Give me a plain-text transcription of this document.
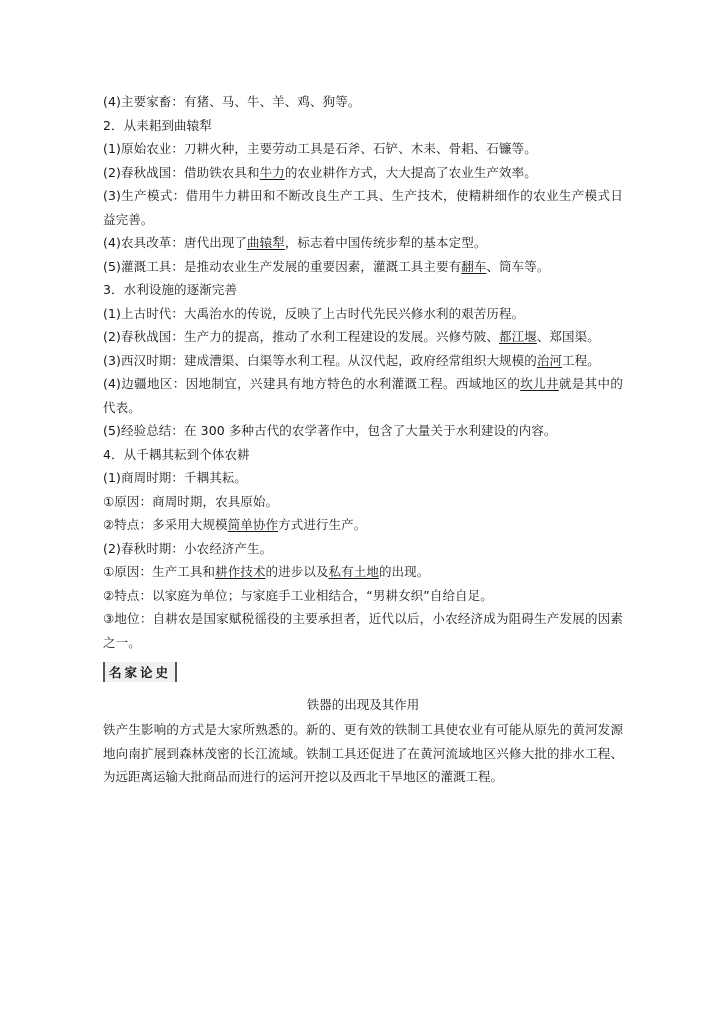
(4)主要家畜：有猪、马、牛、羊、鸡、狗等。
2．从耒耜到曲辕犁
(1)原始农业：刀耕火种，主要劳动工具是石斧、石铲、木耒、骨耜、石镰等。
(2)春秋战国：借助铁农具和牛力的农业耕作方式，大大提高了农业生产效率。
(3)生产模式：借用牛力耕田和不断改良生产工具、生产技术，使精耕细作的农业生产模式日益完善。
(4)农具改革：唐代出现了曲辕犁，标志着中国传统步犁的基本定型。
(5)灌溉工具：是推动农业生产发展的重要因素，灌溉工具主要有翻车、筒车等。
3．水利设施的逐渐完善
(1)上古时代：大禹治水的传说，反映了上古时代先民兴修水利的艰苦历程。
(2)春秋战国：生产力的提高，推动了水利工程建设的发展。兴修芍陂、都江堰、郑国渠。
(3)西汉时期：建成漕渠、白渠等水利工程。从汉代起，政府经常组织大规模的治河工程。
(4)边疆地区：因地制宜，兴建具有地方特色的水利灌溉工程。西域地区的坎儿井就是其中的代表。
(5)经验总结：在 300 多种古代的农学著作中，包含了大量关于水利建设的内容。
4．从千耦其耘到个体农耕
(1)商周时期：千耦其耘。
①原因：商周时期，农具原始。
②特点：多采用大规模简单协作方式进行生产。
(2)春秋时期：小农经济产生。
①原因：生产工具和耕作技术的进步以及私有土地的出现。
②特点：以家庭为单位；与家庭手工业相结合，“男耕女织”自给自足。
③地位：自耕农是国家赋税徭役的主要承担者，近代以后，小农经济成为阻碍生产发展的因素之一。
名家论史
铁器的出现及其作用
铁产生影响的方式是大家所熟悉的。新的、更有效的铁制工具使农业有可能从原先的黄河发源地向南扩展到森林茂密的长江流域。铁制工具还促进了在黄河流域地区兴修大批的排水工程、为远距离运输大批商品而进行的运河开挖以及西北干旱地区的灌溉工程。
